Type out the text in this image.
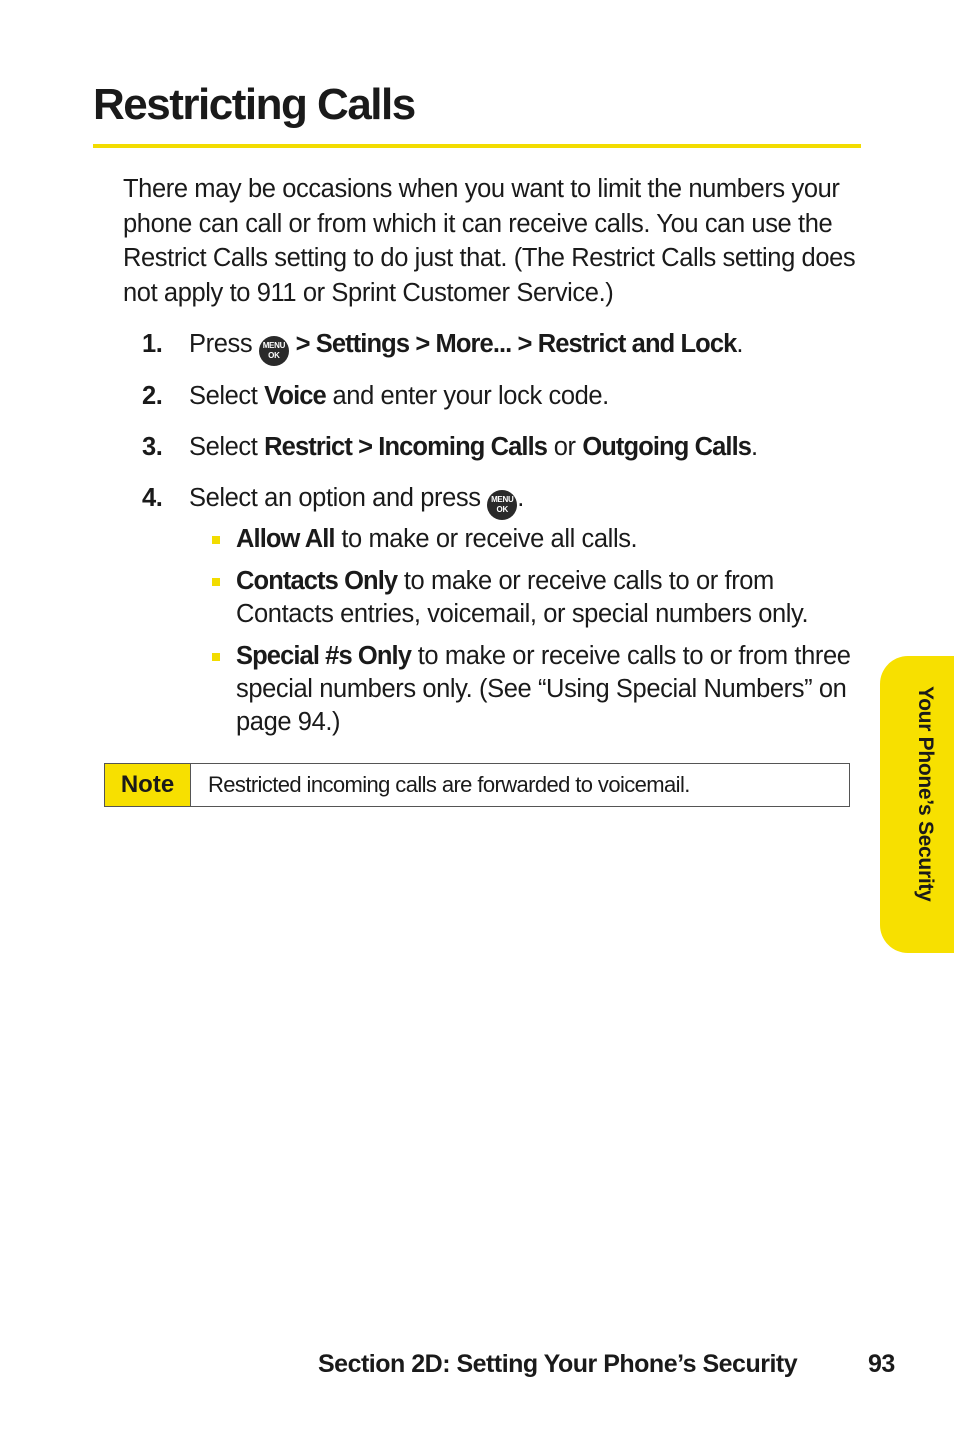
Restricting Calls

There may be occasions when you want to limit the numbers your phone can call or from which it can receive calls. You can use the Restrict Calls setting to do just that. (The Restrict Calls setting does not apply to 911 or Sprint Customer Service.)

1. Press MENU
OK > Settings > More... > Restrict and Lock.
2. Select Voice and enter your lock code.
3. Select Restrict > Incoming Calls or Outgoing Calls.
4. Select an option and press MENU
OK .
Allow All to make or receive all calls.
Contacts Only to make or receive calls to or from Contacts entries, voicemail, or special numbers only.
Special #s Only to make or receive calls to or from three special numbers only. (See “Using Special Numbers” on page 94.)
Note	Restricted incoming calls are forwarded to voicemail.	Your Phone’s Security
Section 2D: Setting Your Phone’s Security	93
